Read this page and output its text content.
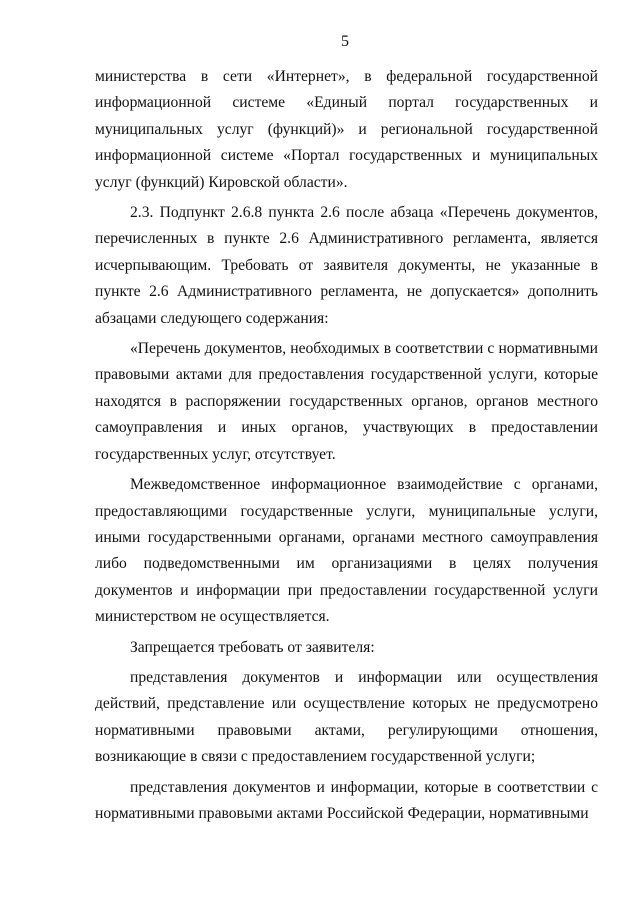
5

министерства в сети «Интернет», в федеральной государственной информационной системе «Единый портал государственных и муниципальных услуг (функций)» и региональной государственной информационной системе «Портал государственных и муниципальных услуг (функций) Кировской области».

2.3. Подпункт 2.6.8 пункта 2.6 после абзаца «Перечень документов, перечисленных в пункте 2.6 Административного регламента, является исчерпывающим. Требовать от заявителя документы, не указанные в пункте 2.6 Административного регламента, не допускается» дополнить абзацами следующего содержания:

«Перечень документов, необходимых в соответствии с нормативными правовыми актами для предоставления государственной услуги, которые находятся в распоряжении государственных органов, органов местного самоуправления и иных органов, участвующих в предоставлении государственных услуг, отсутствует.

Межведомственное информационное взаимодействие с органами, предоставляющими государственные услуги, муниципальные услуги, иными государственными органами, органами местного самоуправления либо подведомственными им организациями в целях получения документов и информации при предоставлении государственной услуги министерством не осуществляется.

Запрещается требовать от заявителя:

представления документов и информации или осуществления действий, представление или осуществление которых не предусмотрено нормативными правовыми актами, регулирующими отношения, возникающие в связи с предоставлением государственной услуги;

представления документов и информации, которые в соответствии с нормативными правовыми актами Российской Федерации, нормативными
